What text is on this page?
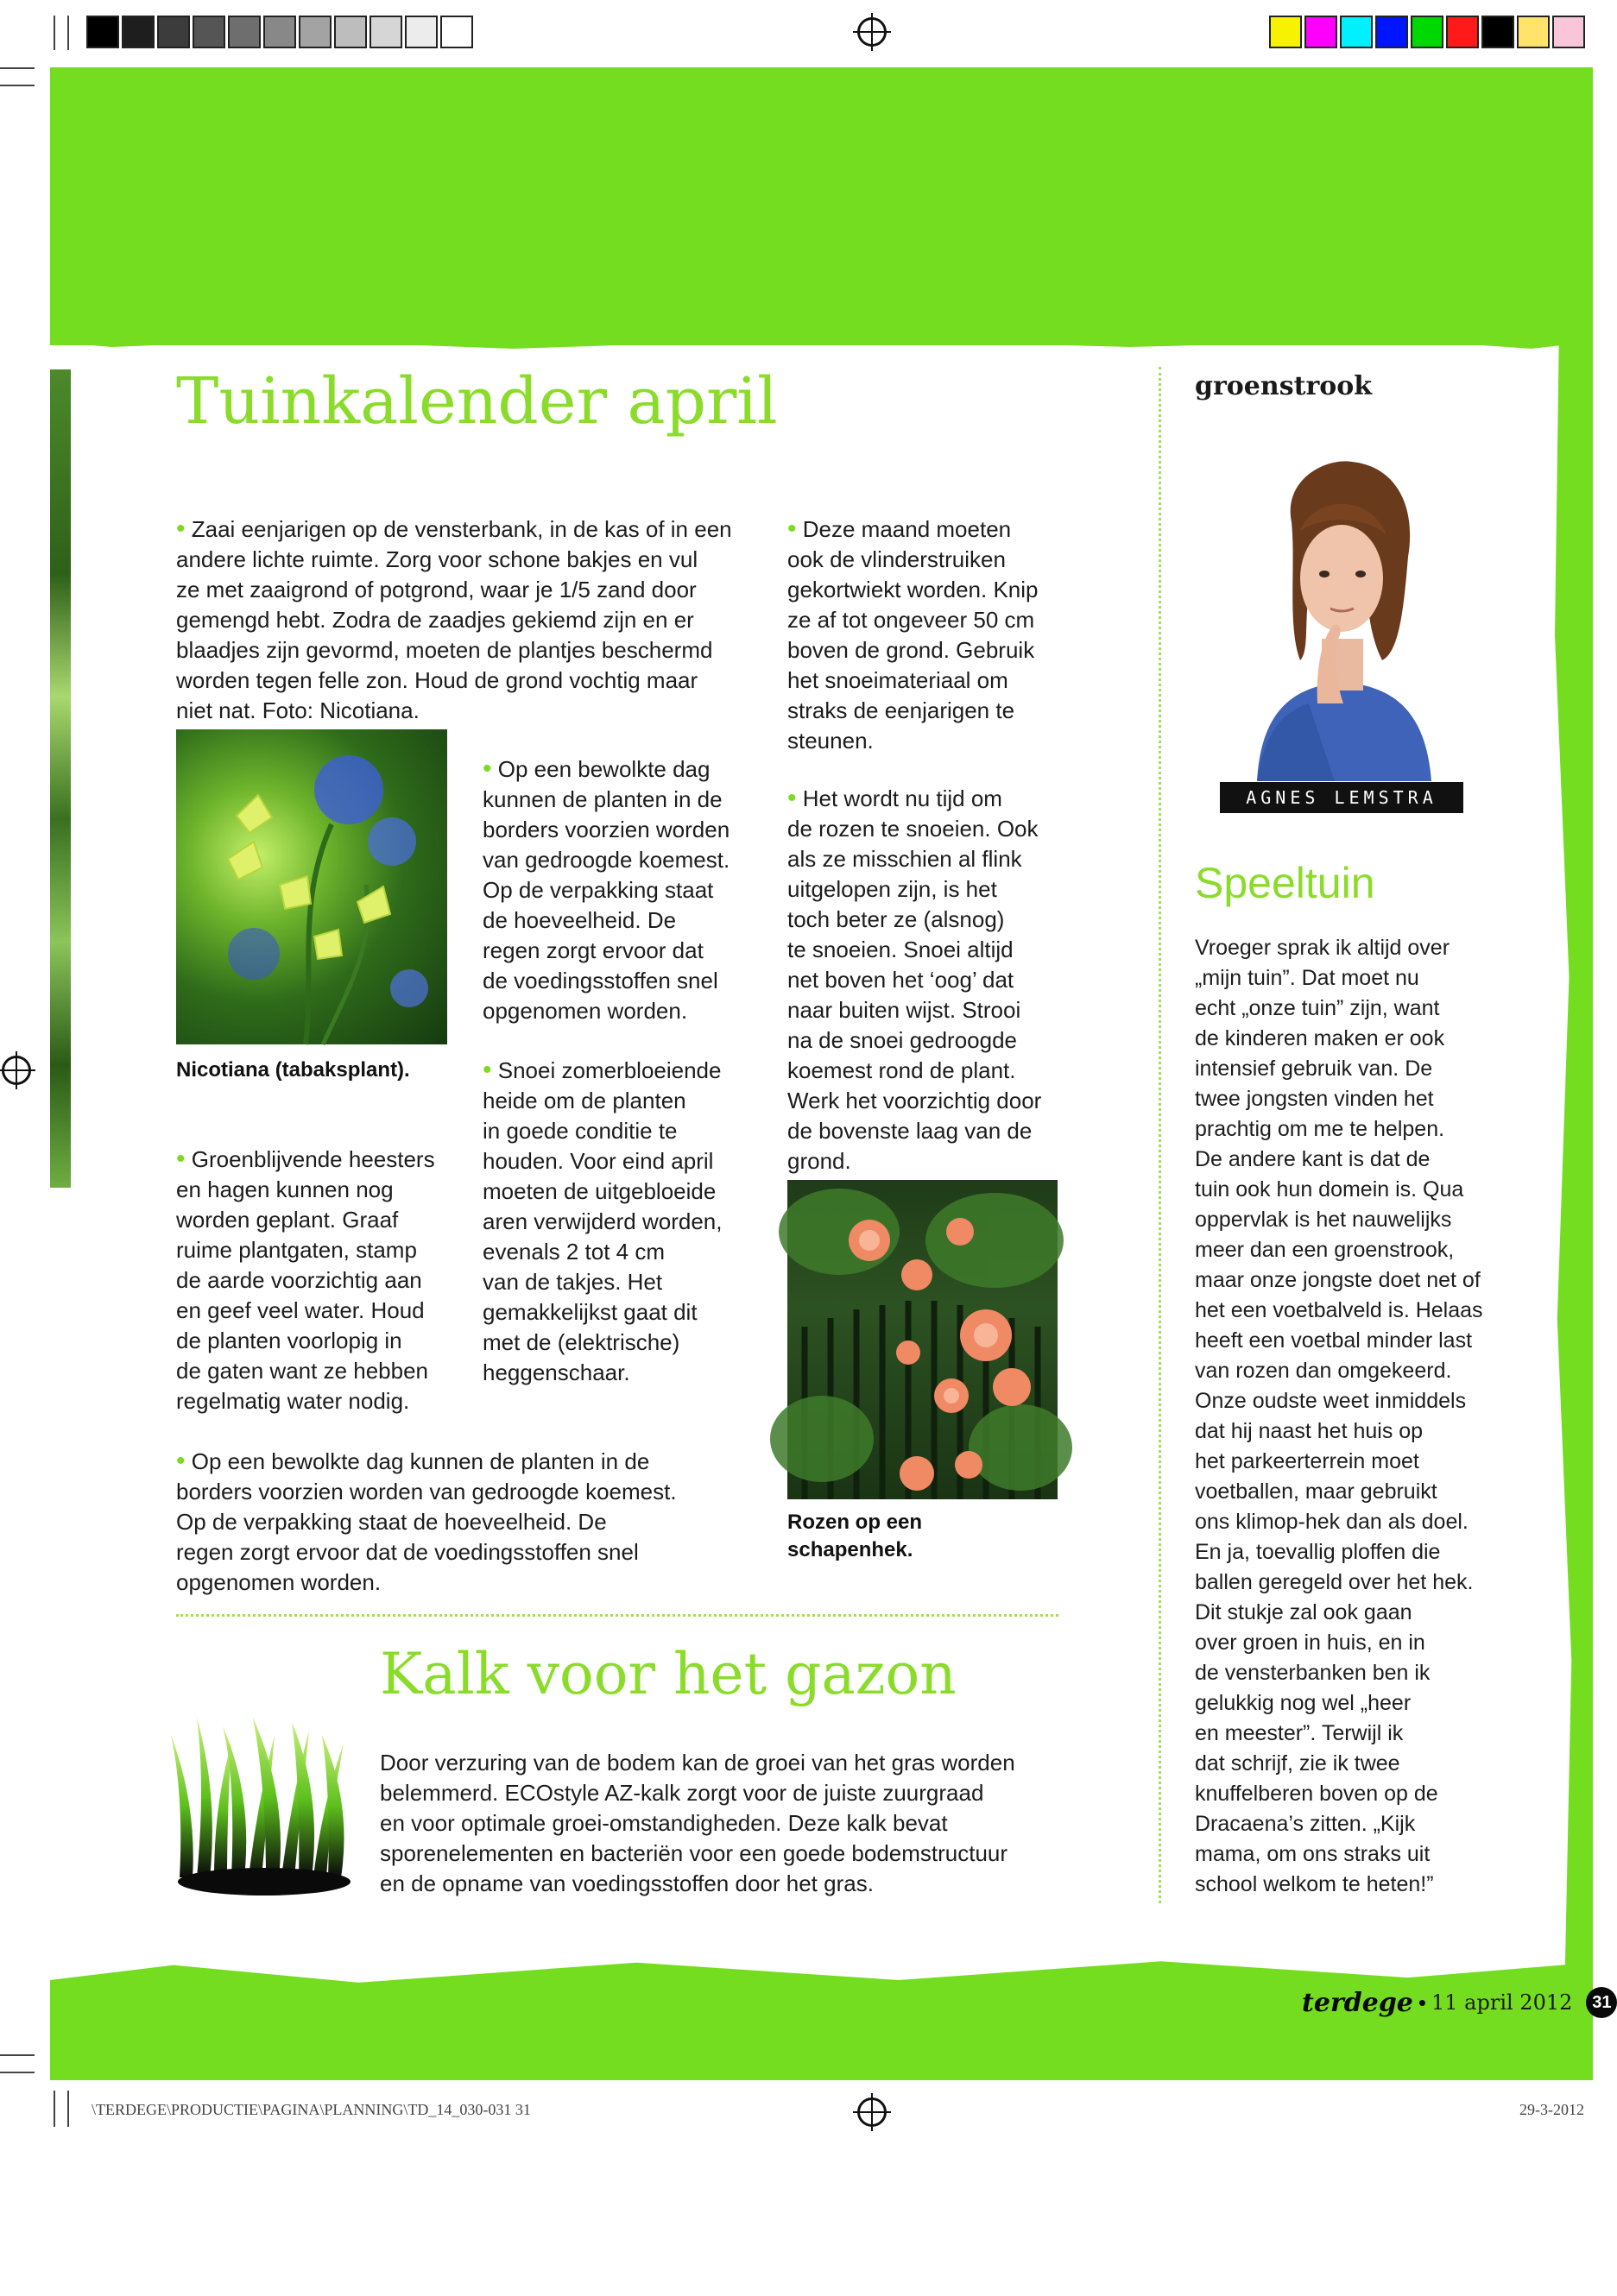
groenstrook
Tuinkalender april

• Zaai eenjarigen op de vensterbank, in de kas of in een
andere lichte ruimte. Zorg voor schone bakjes en vul
ze met zaaigrond of potgrond, waar je 1/5 zand door
gemengd hebt. Zodra de zaadjes gekiemd zijn en er
blaadjes zijn gevormd, moeten de plantjes beschermd
worden tegen felle zon. Houd de grond vochtig maar
niet nat. Foto: Nicotiana.

Nicotiana (tabaksplant).

• Groenblijvende heesters
en hagen kunnen nog
worden geplant. Graaf
ruime plantgaten, stamp
de aarde voorzichtig aan
en geef veel water. Houd
de planten voorlopig in
de gaten want ze hebben
regelmatig water nodig.

• Op een bewolkte dag
kunnen de planten in de
borders voorzien worden
van gedroogde koemest.
Op de verpakking staat
de hoeveelheid. De
regen zorgt ervoor dat
de voedingsstoffen snel
opgenomen worden.

• Snoei zomerbloeiende
heide om de planten
in goede conditie te
houden. Voor eind april
moeten de uitgebloeide
aren verwijderd worden,
evenals 2 tot 4 cm
van de takjes. Het
gemakkelijkst gaat dit
met de (elektrische)
heggenschaar.

• Deze maand moeten
ook de vlinderstruiken
gekortwiekt worden. Knip
ze af tot ongeveer 50 cm
boven de grond. Gebruik
het snoeimateriaal om
straks de eenjarigen te
steunen.

• Het wordt nu tijd om
de rozen te snoeien. Ook
als ze misschien al flink
uitgelopen zijn, is het
toch beter ze (alsnog)
te snoeien. Snoei altijd
net boven het ‘oog’ dat
naar buiten wijst. Strooi
na de snoei gedroogde
koemest rond de plant.
Werk het voorzichtig door
de bovenste laag van de
grond.

Rozen op een
schapenhek.

• Op een bewolkte dag kunnen de planten in de
borders voorzien worden van gedroogde koemest.
Op de verpakking staat de hoeveelheid. De
regen zorgt ervoor dat de voedingsstoffen snel
opgenomen worden.

Kalk voor het gazon
Door verzuring van de bodem kan de groei van het gras worden
belemmerd. ECOstyle AZ-kalk zorgt voor de juiste zuurgraad
en voor optimale groei-omstandigheden. Deze kalk bevat
sporenelementen en bacteriën voor een goede bodemstructuur
en de opname van voedingsstoffen door het gras.
AGNES LEMSTRA
Speeltuin
Vroeger sprak ik altijd over
„mijn tuin”. Dat moet nu
echt „onze tuin” zijn, want
de kinderen maken er ook
intensief gebruik van. De
twee jongsten vinden het
prachtig om me te helpen.
De andere kant is dat de
tuin ook hun domein is. Qua
oppervlak is het nauwelijks
meer dan een groenstrook,
maar onze jongste doet net of
het een voetbalveld is. Helaas
heeft een voetbal minder last
van rozen dan omgekeerd.
Onze oudste weet inmiddels
dat hij naast het huis op
het parkeerterrein moet
voetballen, maar gebruikt
ons klimop-hek dan als doel.
En ja, toevallig ploffen die
ballen geregeld over het hek.
Dit stukje zal ook gaan
over groen in huis, en in
de vensterbanken ben ik
gelukkig nog wel „heer
en meester”. Terwijl ik
dat schrijf, zie ik twee
knuffelberen boven op de
Dracaena’s zitten. „Kijk
mama, om ons straks uit
school welkom te heten!”
terdege • 11 april 2012	31
\TERDEGE\PRODUCTIE\PAGINA\PLANNING\TD_14_030-031 31	29-3-2012
